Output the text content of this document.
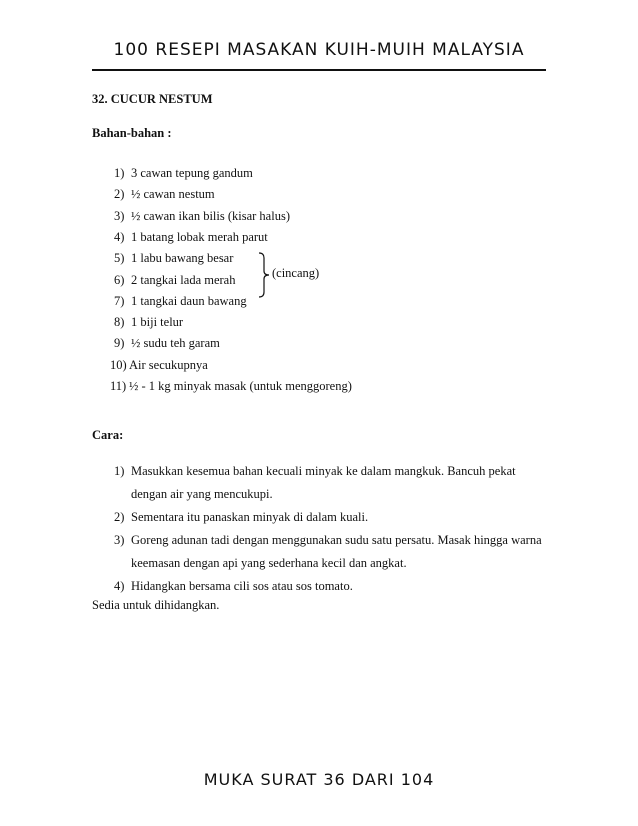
100 RESEPI MASAKAN KUIH-MUIH MALAYSIA
32. CUCUR NESTUM
Bahan-bahan :
1) 3 cawan tepung gandum
2) ½ cawan nestum
3) ½ cawan ikan bilis (kisar halus)
4) 1 batang lobak merah parut
5) 1 labu bawang besar
6) 2 tangkai lada merah
7) 1 tangkai daun bawang
8) 1 biji telur
9) ½ sudu teh garam
10) Air secukupnya
11) ½ - 1 kg minyak masak (untuk menggoreng)
(cincang)
Cara:
1) Masukkan kesemua bahan kecuali minyak ke dalam mangkuk. Bancuh pekat
dengan air yang mencukupi.
2) Sementara itu panaskan minyak di dalam kuali.
3) Goreng adunan tadi dengan menggunakan sudu satu persatu. Masak hingga warna
keemasan dengan api yang sederhana kecil dan angkat.
4) Hidangkan bersama cili sos atau sos tomato.
Sedia untuk dihidangkan.
MUKA SURAT 36 DARI 104
